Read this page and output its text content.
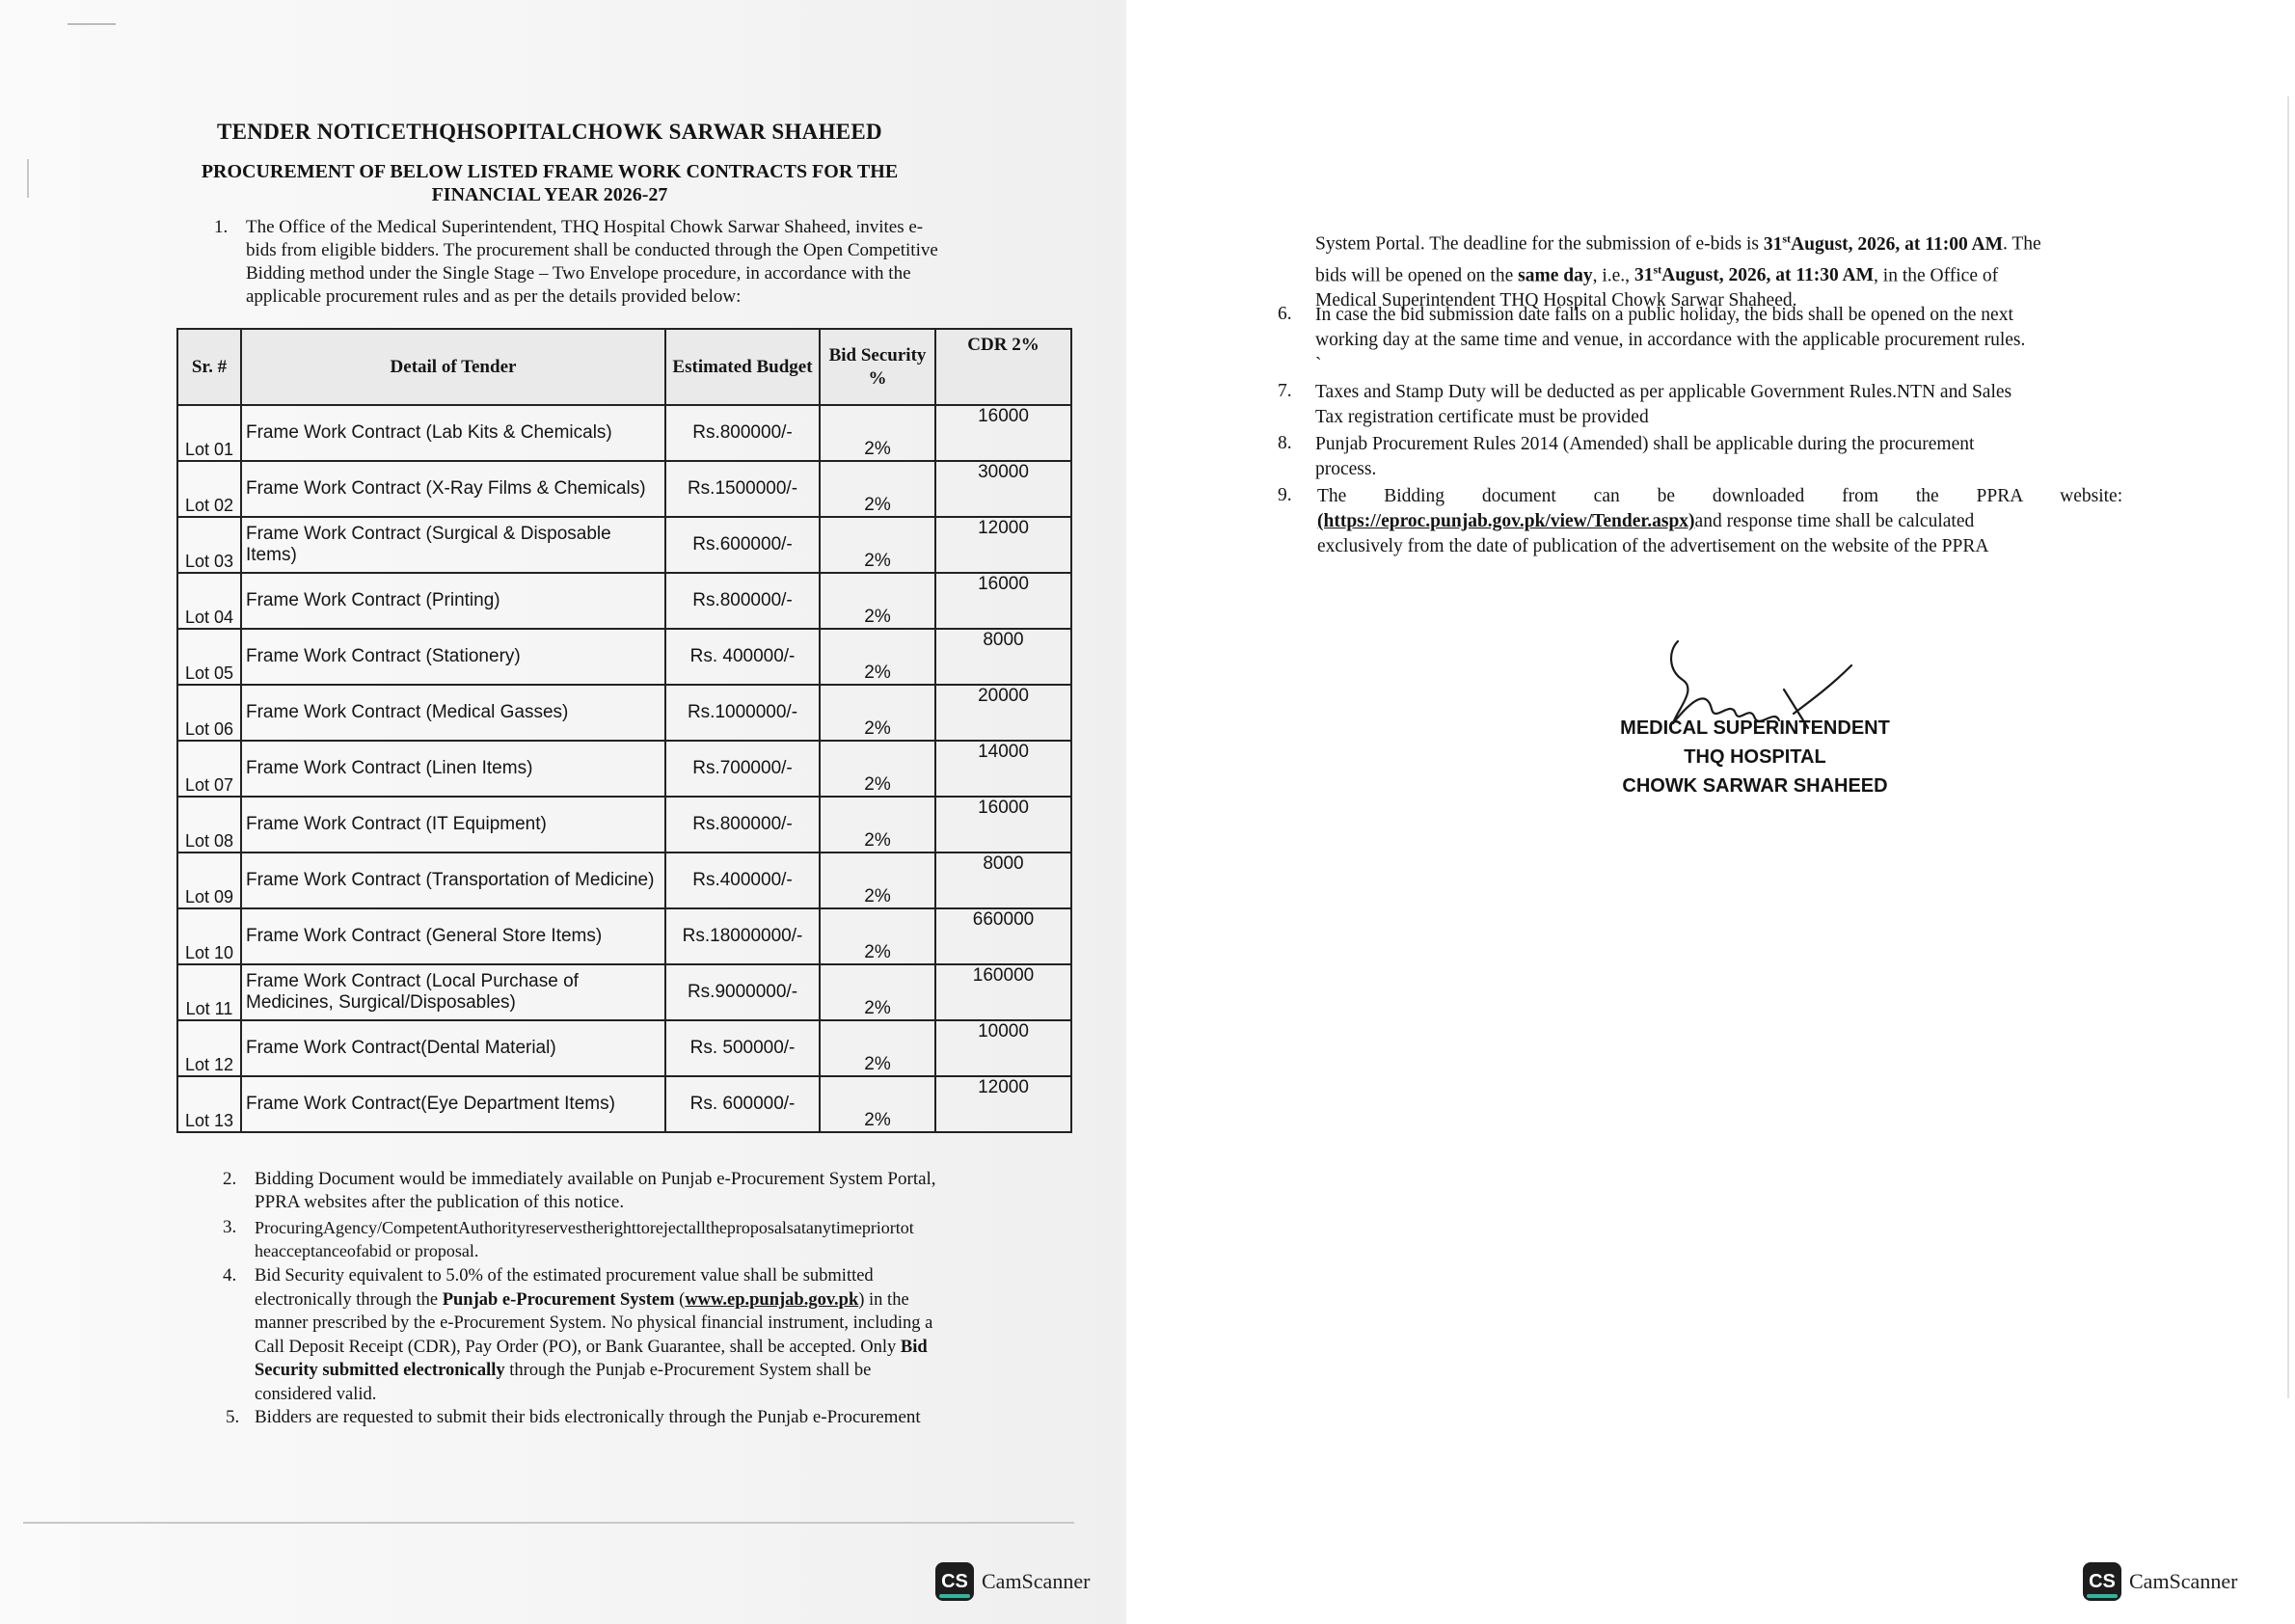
TENDER NOTICETHQHSOPITALCHOWK SARWAR SHAHEED
PROCUREMENT OF BELOW LISTED FRAME WORK CONTRACTS FOR THE
FINANCIAL YEAR 2026-27
1. The Office of the Medical Superintendent, THQ Hospital Chowk Sarwar Shaheed, invites e-
bids from eligible bidders. The procurement shall be conducted through the Open Competitive
Bidding method under the Single Stage – Two Envelope procedure, in accordance with the
applicable procurement rules and as per the details provided below:
Sr. #	Detail of Tender	Estimated Budget	Bid Security %	CDR 2%
Lot 01	Frame Work Contract (Lab Kits & Chemicals)	Rs.800000/-	2%	16000
Lot 02	Frame Work Contract (X-Ray Films & Chemicals)	Rs.1500000/-	2%	30000
Lot 03	Frame Work Contract (Surgical & Disposable Items)	Rs.600000/-	2%	12000
Lot 04	Frame Work Contract (Printing)	Rs.800000/-	2%	16000
Lot 05	Frame Work Contract (Stationery)	Rs. 400000/-	2%	8000
Lot 06	Frame Work Contract (Medical Gasses)	Rs.1000000/-	2%	20000
Lot 07	Frame Work Contract (Linen Items)	Rs.700000/-	2%	14000
Lot 08	Frame Work Contract (IT Equipment)	Rs.800000/-	2%	16000
Lot 09	Frame Work Contract (Transportation of Medicine)	Rs.400000/-	2%	8000
Lot 10	Frame Work Contract (General Store Items)	Rs.18000000/-	2%	660000
Lot 11	Frame Work Contract (Local Purchase of Medicines, Surgical/Disposables)	Rs.9000000/-	2%	160000
Lot 12	Frame Work Contract(Dental Material)	Rs. 500000/-	2%	10000
Lot 13	Frame Work Contract(Eye Department Items)	Rs. 600000/-	2%	12000
2. Bidding Document would be immediately available on Punjab e-Procurement System Portal,
PPRA websites after the publication of this notice.
3. ProcuringAgency/CompetentAuthorityreservestherighttorejectalltheproposalsatanytimepriortot
heacceptanceofabid or proposal.
4. Bid Security equivalent to 5.0% of the estimated procurement value shall be submitted
electronically through the Punjab e-Procurement System (www.ep.punjab.gov.pk) in the
manner prescribed by the e-Procurement System. No physical financial instrument, including a
Call Deposit Receipt (CDR), Pay Order (PO), or Bank Guarantee, shall be accepted. Only Bid
Security submitted electronically through the Punjab e-Procurement System shall be
considered valid.
5. Bidders are requested to submit their bids electronically through the Punjab e-Procurement
System Portal. The deadline for the submission of e-bids is 31stAugust, 2026, at 11:00 AM. The
bids will be opened on the same day, i.e., 31stAugust, 2026, at 11:30 AM, in the Office of
Medical Superintendent THQ Hospital Chowk Sarwar Shaheed.
6. In case the bid submission date falls on a public holiday, the bids shall be opened on the next
working day at the same time and venue, in accordance with the applicable procurement rules.
`
7. Taxes and Stamp Duty will be deducted as per applicable Government Rules.NTN and Sales
Tax registration certificate must be provided
8. Punjab Procurement Rules 2014 (Amended) shall be applicable during the procurement
process.
9. The Bidding document can be downloaded from the PPRA website:
(https://eproc.punjab.gov.pk/view/Tender.aspx)and response time shall be calculated
exclusively from the date of publication of the advertisement on the website of the PPRA
MEDICAL SUPERINTENDENT
THQ HOSPITAL
CHOWK SARWAR SHAHEED
CS CamScanner	CS CamScanner
